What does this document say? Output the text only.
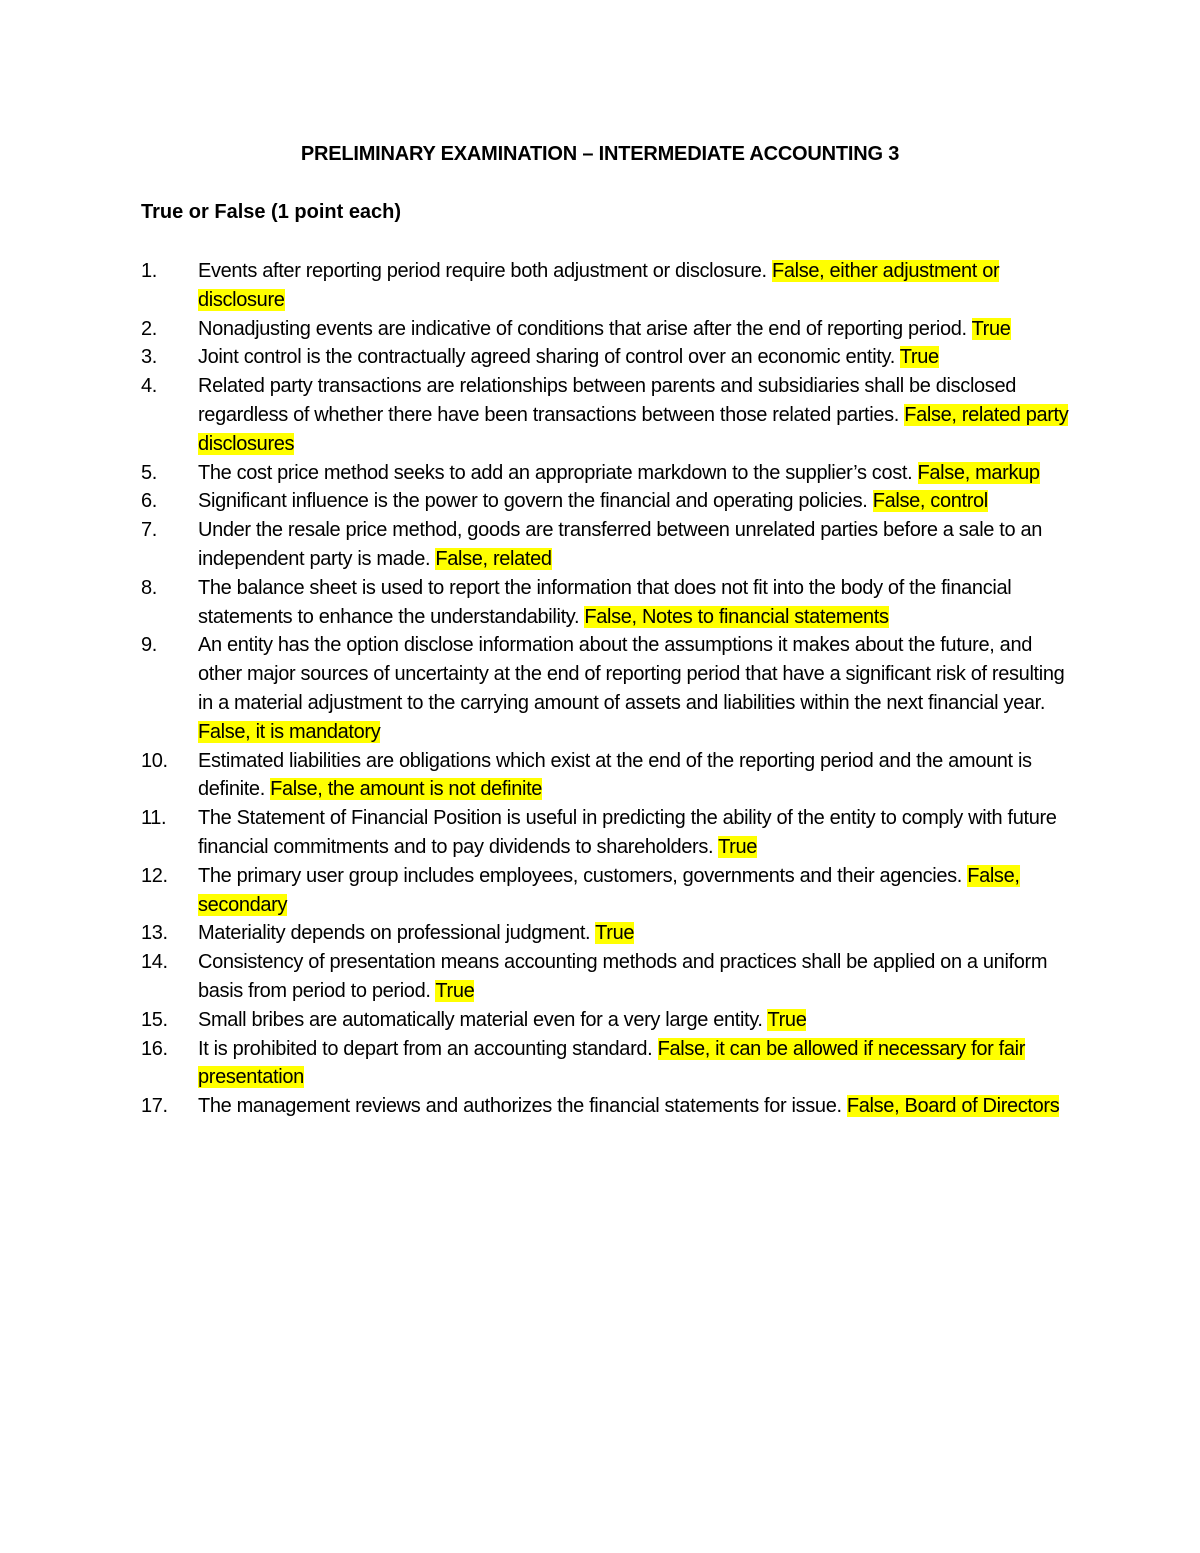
PRELIMINARY EXAMINATION – INTERMEDIATE ACCOUNTING 3
True or False (1 point each)
1.	Events after reporting period require both adjustment or disclosure. False, either adjustment or disclosure
2.	Nonadjusting events are indicative of conditions that arise after the end of reporting period. True
3.	Joint control is the contractually agreed sharing of control over an economic entity. True
4.	Related party transactions are relationships between parents and subsidiaries shall be disclosed regardless of whether there have been transactions between those related parties. False, related party disclosures
5.	The cost price method seeks to add an appropriate markdown to the supplier’s cost. False, markup
6.	Significant influence is the power to govern the financial and operating policies. False, control
7.	Under the resale price method, goods are transferred between unrelated parties before a sale to an independent party is made. False, related
8.	The balance sheet is used to report the information that does not fit into the body of the financial statements to enhance the understandability. False, Notes to financial statements
9.	An entity has the option disclose information about the assumptions it makes about the future, and other major sources of uncertainty at the end of reporting period that have a significant risk of resulting in a material adjustment to the carrying amount of assets and liabilities within the next financial year. False, it is mandatory
10.	Estimated liabilities are obligations which exist at the end of the reporting period and the amount is definite. False, the amount is not definite
11.	The Statement of Financial Position is useful in predicting the ability of the entity to comply with future financial commitments and to pay dividends to shareholders. True
12.	The primary user group includes employees, customers, governments and their agencies. False, secondary
13.	Materiality depends on professional judgment. True
14.	Consistency of presentation means accounting methods and practices shall be applied on a uniform basis from period to period. True
15.	Small bribes are automatically material even for a very large entity. True
16.	It is prohibited to depart from an accounting standard. False, it can be allowed if necessary for fair presentation
17.	The management reviews and authorizes the financial statements for issue. False, Board of Directors
